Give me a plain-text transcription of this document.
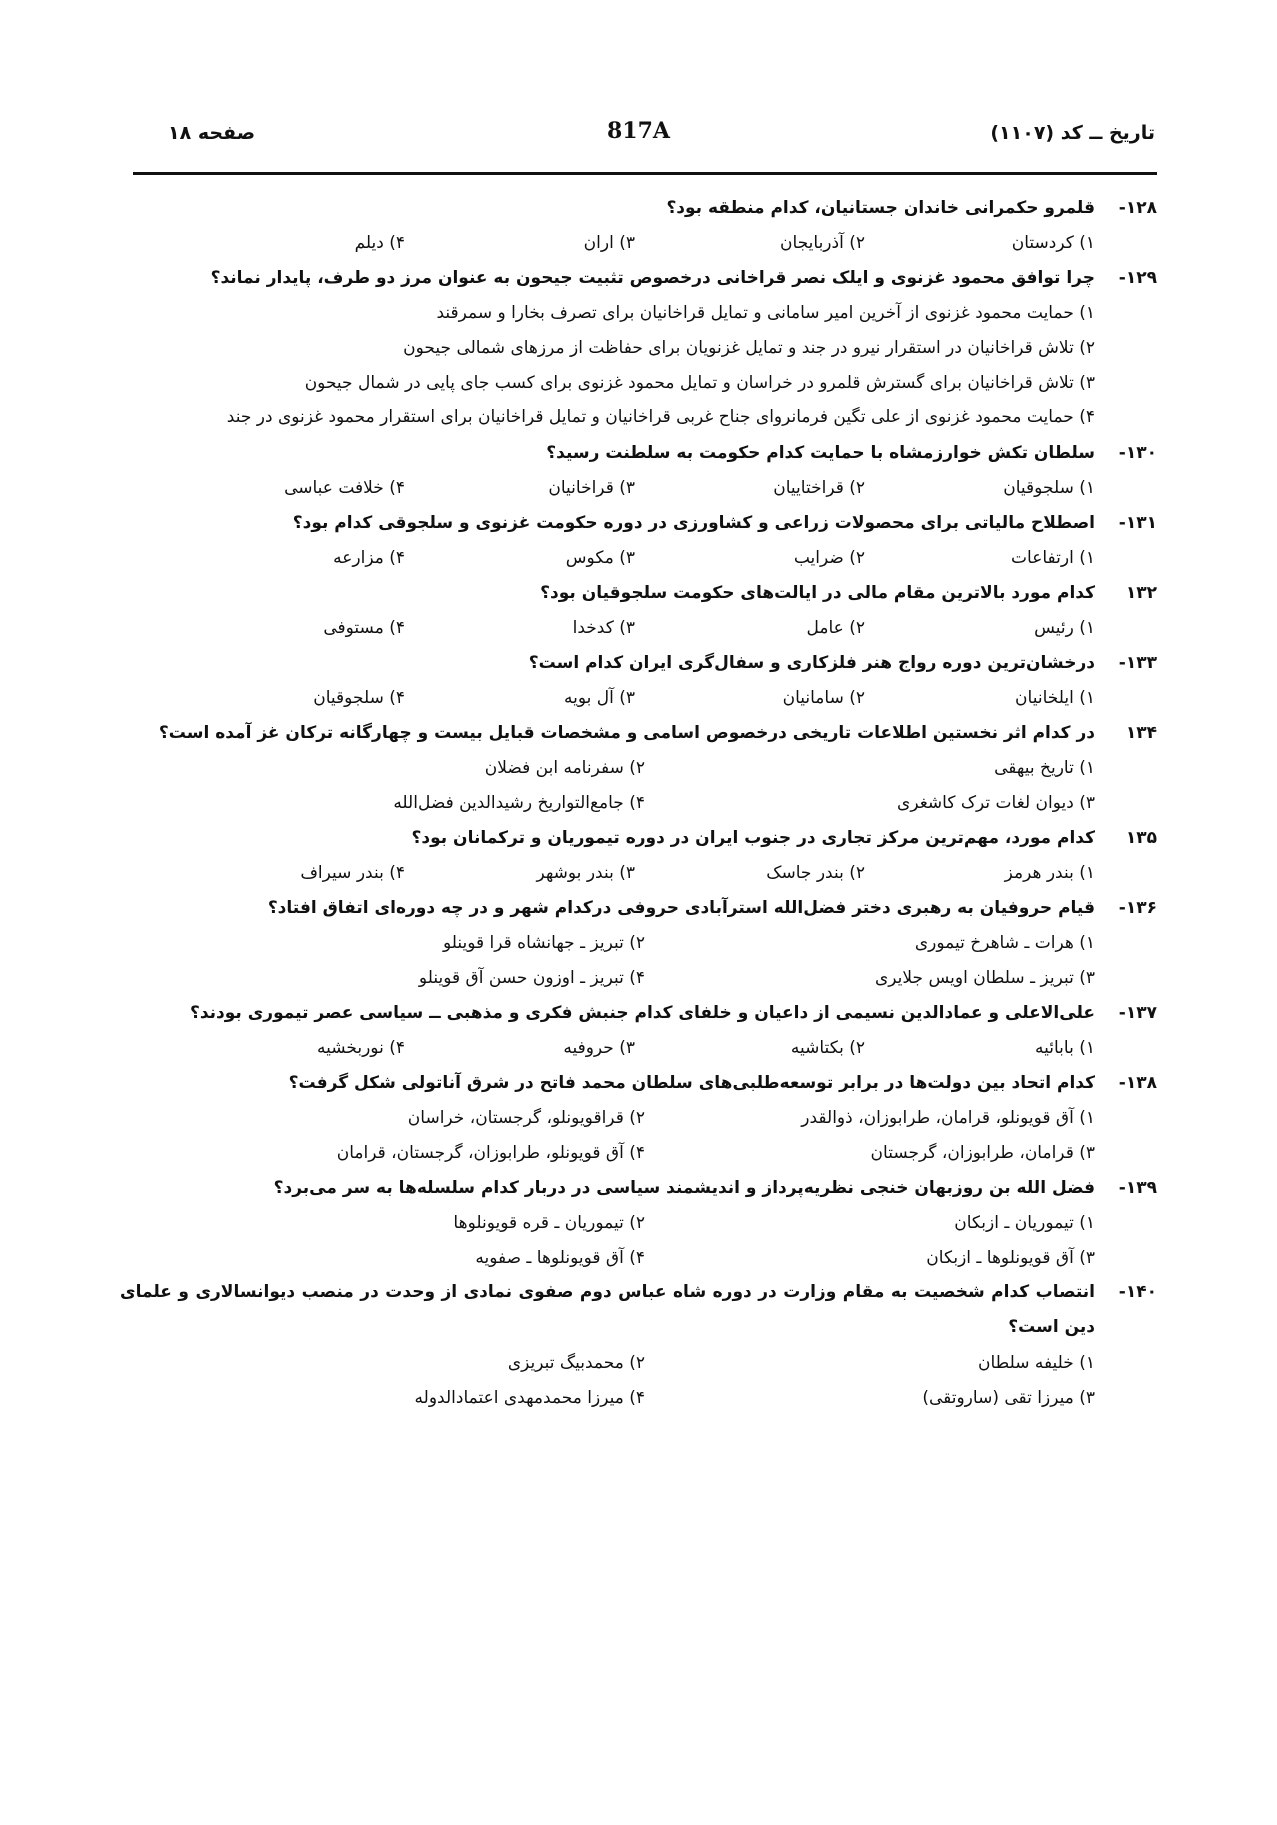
تاریخ ــ کد (۱۱۰۷)
817A
صفحه ۱۸
۱۲۸-
قلمرو حکمرانی خاندان جستانیان، کدام منطقه بود؟
۱) کردستان
۲) آذربایجان
۳) اران
۴) دیلم
۱۲۹-
چرا توافق محمود غزنوی و ایلک نصر قراخانی درخصوص تثبیت جیحون به عنوان مرز دو طرف، پایدار نماند؟
۱) حمایت محمود غزنوی از آخرین امیر سامانی و تمایل قراخانیان برای تصرف بخارا و سمرقند
۲) تلاش قراخانیان در استقرار نیرو در جند و تمایل غزنویان برای حفاظت از مرزهای شمالی جیحون
۳) تلاش قراخانیان برای گسترش قلمرو در خراسان و تمایل محمود غزنوی برای کسب جای پایی در شمال جیحون
۴) حمایت محمود غزنوی از علی تگین فرمانروای جناح غربی قراخانیان و تمایل قراخانیان برای استقرار محمود غزنوی در جند
۱۳۰-
سلطان تکش خوارزمشاه با حمایت کدام حکومت به سلطنت رسید؟
۱) سلجوقیان
۲) قراختاییان
۳) قراخانیان
۴) خلافت عباسی
۱۳۱-
اصطلاح مالیاتی برای محصولات زراعی و کشاورزی در دوره حکومت غزنوی و سلجوقی کدام بود؟
۱) ارتفاعات
۲) ضرایب
۳) مکوس
۴) مزارعه
۱۳۲
کدام مورد بالاترین مقام مالی در ایالت‌های حکومت سلجوقیان بود؟
۱) رئیس
۲) عامل
۳) کدخدا
۴) مستوفی
۱۳۳-
درخشان‌ترین دوره رواج هنر فلزکاری و سفال‌گری ایران کدام است؟
۱) ایلخانیان
۲) سامانیان
۳) آل بویه
۴) سلجوقیان
۱۳۴
در کدام اثر نخستین اطلاعات تاریخی درخصوص اسامی و مشخصات قبایل بیست و چهارگانه ترکان غز آمده است؟
۱) تاریخ بیهقی
۲) سفرنامه ابن فضلان
۳) دیوان لغات ترک کاشغری
۴) جامع‌التواریخ رشیدالدین فضل‌الله
۱۳۵
کدام مورد، مهم‌ترین مرکز تجاری در جنوب ایران در دوره تیموریان و ترکمانان بود؟
۱) بندر هرمز
۲) بندر جاسک
۳) بندر بوشهر
۴) بندر سیراف
۱۳۶-
قیام حروفیان به رهبری دختر فضل‌الله استرآبادی حروفی درکدام شهر و در چه دوره‌ای اتفاق افتاد؟
۱) هرات ـ شاهرخ تیموری
۲) تبریز ـ جهانشاه قرا قوینلو
۳) تبریز ـ سلطان اویس جلایری
۴) تبریز ـ اوزون حسن آق قوینلو
۱۳۷-
علی‌الاعلی و عمادالدین نسیمی از داعیان و خلفای کدام جنبش فکری و مذهبی ــ سیاسی عصر تیموری بودند؟
۱) بابائیه
۲) بکتاشیه
۳) حروفیه
۴) نوربخشیه
۱۳۸-
کدام اتحاد بین دولت‌ها در برابر توسعه‌طلبی‌های سلطان محمد فاتح در شرق آناتولی شکل گرفت؟
۱) آق قویونلو، قرامان، طرابوزان، ذوالقدر
۲) قراقویونلو، گرجستان، خراسان
۳) قرامان، طرابوزان، گرجستان
۴) آق قویونلو، طرابوزان، گرجستان، قرامان
۱۳۹-
فضل الله بن روزبهان خنجی نظریه‌پرداز و اندیشمند سیاسی در دربار کدام سلسله‌ها به سر می‌برد؟
۱) تیموریان ـ ازبکان
۲) تیموریان ـ قره قویونلوها
۳) آق قویونلوها ـ ازبکان
۴) آق قویونلوها ـ صفویه
۱۴۰-
انتصاب کدام شخصیت به مقام وزارت در دوره شاه عباس دوم صفوی نمادی از وحدت در منصب دیوانسالاری و علمای دین است؟
۱) خلیفه سلطان
۲) محمدبیگ تبریزی
۳) میرزا تقی (ساروتقی)
۴) میرزا محمدمهدی اعتمادالدوله
